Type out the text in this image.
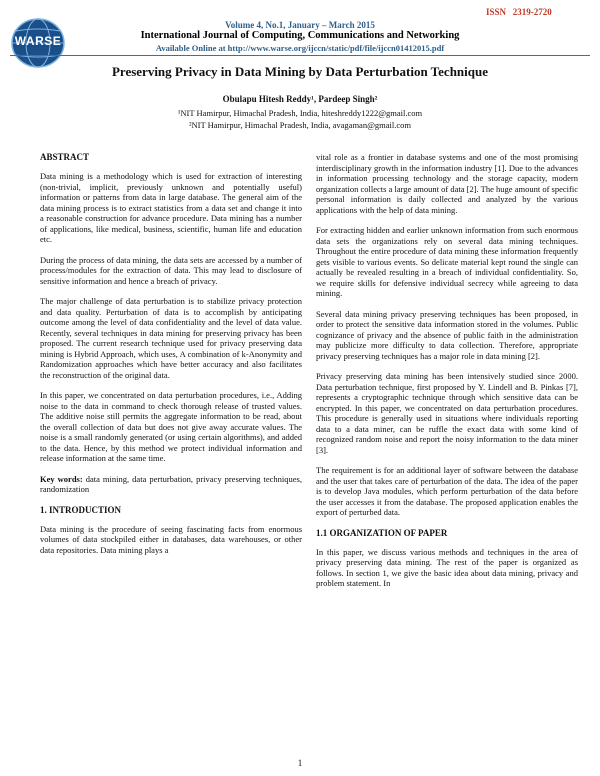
ISSN 2319-2720
WARSE
Volume 4, No.1, January – March 2015
International Journal of Computing, Communications and Networking
Available Online at http://www.warse.org/ijccn/static/pdf/file/ijccn01412015.pdf
Preserving Privacy in Data Mining by Data Perturbation Technique
Obulapu Hitesh Reddy¹, Pardeep Singh²
¹NIT Hamirpur, Himachal Pradesh, India, hiteshreddy1222@gmail.com
²NIT Hamirpur, Himachal Pradesh, India, avagaman@gmail.com
ABSTRACT

Data mining is a methodology which is used for extraction of interesting (non-trivial, implicit, previously unknown and potentially useful) information or patterns from data in large database. The general aim of the data mining process is to extract statistics from a data set and change it into a reasonable construction for advance procedure. Data mining has a number of applications, like medical, business, scientific, human life and education etc.

During the process of data mining, the data sets are accessed by a number of process/modules for the extraction of data. This may lead to disclosure of sensitive information and hence a breach of privacy.

The major challenge of data perturbation is to stabilize privacy protection and data quality. Perturbation of data is to accomplish by anticipating outcome among the level of data confidentiality and the level of data value. Recently, several techniques in data mining for preserving privacy has been proposed. The current research technique used for privacy preserving data mining is Hybrid Approach, which uses, A combination of k-Anonymity and Randomization approaches which have better accuracy and also facilitates the reconstruction of the original data.

In this paper, we concentrated on data perturbation procedures, i.e., Adding noise to the data in command to check thorough release of trusted values. The additive noise still permits the aggregate information to be read, about the overall collection of data but does not give away accurate values. The noise is a small randomly generated (or using certain algorithms), and added to the data. Hence, by this method we protect individual information and release information at the same time.

Key words: data mining, data perturbation, privacy preserving techniques, randomization

1. INTRODUCTION

Data mining is the procedure of seeing fascinating facts from enormous volumes of data stockpiled either in databases, data warehouses, or other data repositories. Data mining plays a

vital role as a frontier in database systems and one of the most promising interdisciplinary growth in the information industry [1]. Due to the advances in information processing technology and the storage capacity, modern organization collects a large amount of data [2]. The huge amount of specific personal information is daily collected and analyzed by the various applications with the help of data mining.

For extracting hidden and earlier unknown information from such enormous data sets the organizations rely on several data mining techniques. Throughout the entire procedure of data mining these information frequently gets visible to various events. So delicate material kept round the single can actually be revealed resulting in a breach of individual confidentiality. So, we require skills for defensive individual secrecy while agreeing to data mining.

Several data mining privacy preserving techniques has been proposed, in order to protect the sensitive data information stored in the volumes. Public cognizance of privacy and the absence of public faith in the administration may publicize more difficulty to data collection. Therefore, appropriate privacy preserving techniques has a major role in data mining [2].

Privacy preserving data mining has been intensively studied since 2000. Data perturbation technique, first proposed by Y. Lindell and B. Pinkas [7], represents a cryptographic technique through which sensitive data can be encrypted. In this paper, we concentrated on data perturbation procedures. This procedure is generally used in situations where individuals reporting data to a data miner, can be ruffle the exact data with some kind of recognized random noise and report the noisy information to the data miner [3].

The requirement is for an additional layer of software between the database and the user that takes care of perturbation of the data. The idea of the paper is to develop Java modules, which perform perturbation of the data before the user accesses it from the database. The proposed application enables the export of perturbed data.

1.1 ORGANIZATION OF PAPER

In this paper, we discuss various methods and techniques in the area of privacy preserving data mining. The rest of the paper is organized as follows. In section 1, we give the basic idea about data mining, privacy and problem statement. In

1
